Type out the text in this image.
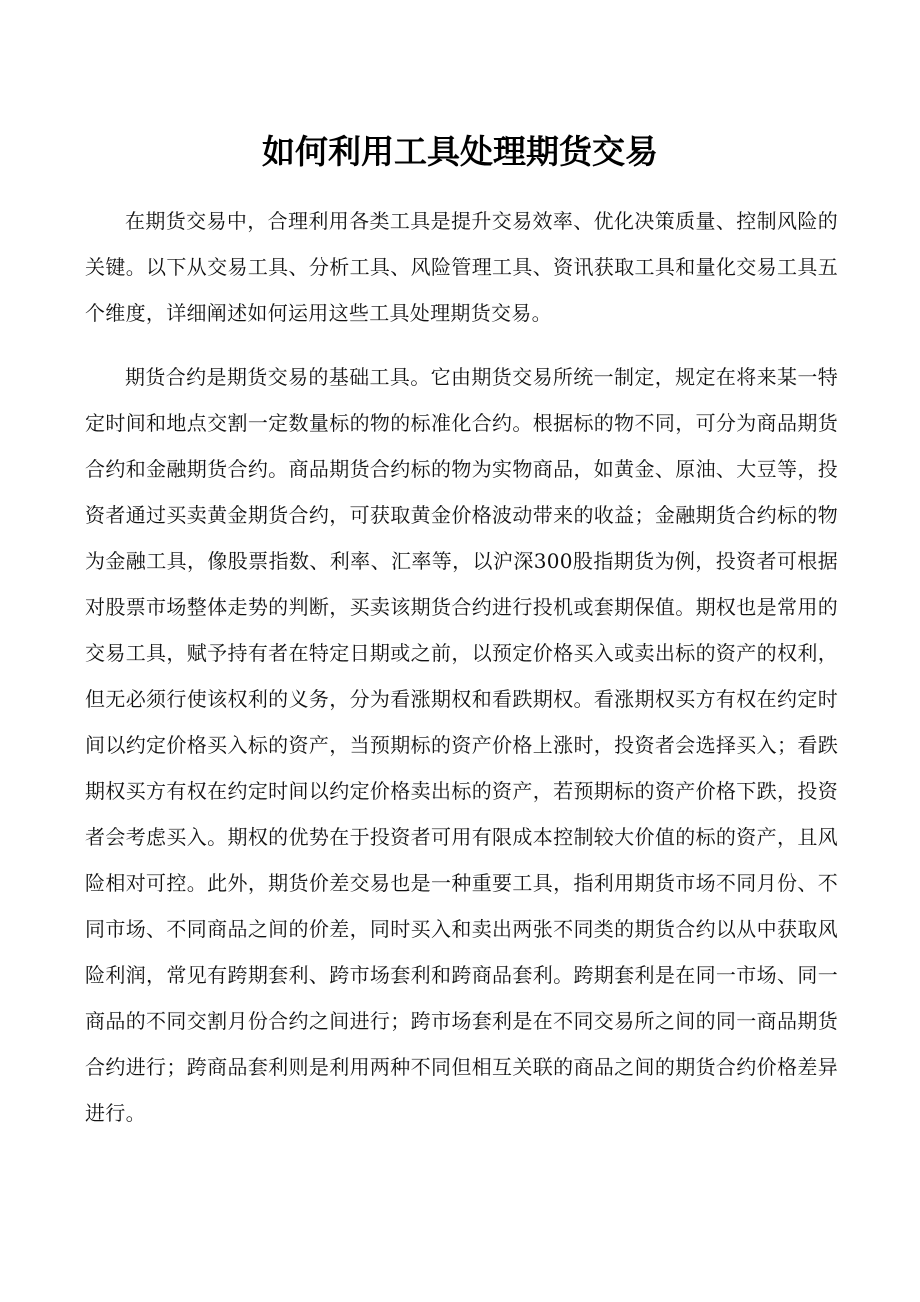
如何利用工具处理期货交易

在期货交易中，合理利用各类工具是提升交易效率、优化决策质量、控制风险的关键。以下从交易工具、分析工具、风险管理工具、资讯获取工具和量化交易工具五个维度，详细阐述如何运用这些工具处理期货交易。

期货合约是期货交易的基础工具。它由期货交易所统一制定，规定在将来某一特定时间和地点交割一定数量标的物的标准化合约。根据标的物不同，可分为商品期货合约和金融期货合约。商品期货合约标的物为实物商品，如黄金、原油、大豆等，投资者通过买卖黄金期货合约，可获取黄金价格波动带来的收益；金融期货合约标的物为金融工具，像股票指数、利率、汇率等，以沪深300股指期货为例，投资者可根据对股票市场整体走势的判断，买卖该期货合约进行投机或套期保值。期权也是常用的交易工具，赋予持有者在特定日期或之前，以预定价格买入或卖出标的资产的权利，但无必须行使该权利的义务，分为看涨期权和看跌期权。看涨期权买方有权在约定时间以约定价格买入标的资产，当预期标的资产价格上涨时，投资者会选择买入；看跌期权买方有权在约定时间以约定价格卖出标的资产，若预期标的资产价格下跌，投资者会考虑买入。期权的优势在于投资者可用有限成本控制较大价值的标的资产，且风险相对可控。此外，期货价差交易也是一种重要工具，指利用期货市场不同月份、不同市场、不同商品之间的价差，同时买入和卖出两张不同类的期货合约以从中获取风险利润，常见有跨期套利、跨市场套利和跨商品套利。跨期套利是在同一市场、同一商品的不同交割月份合约之间进行；跨市场套利是在不同交易所之间的同一商品期货合约进行；跨商品套利则是利用两种不同但相互关联的商品之间的期货合约价格差异进行。
